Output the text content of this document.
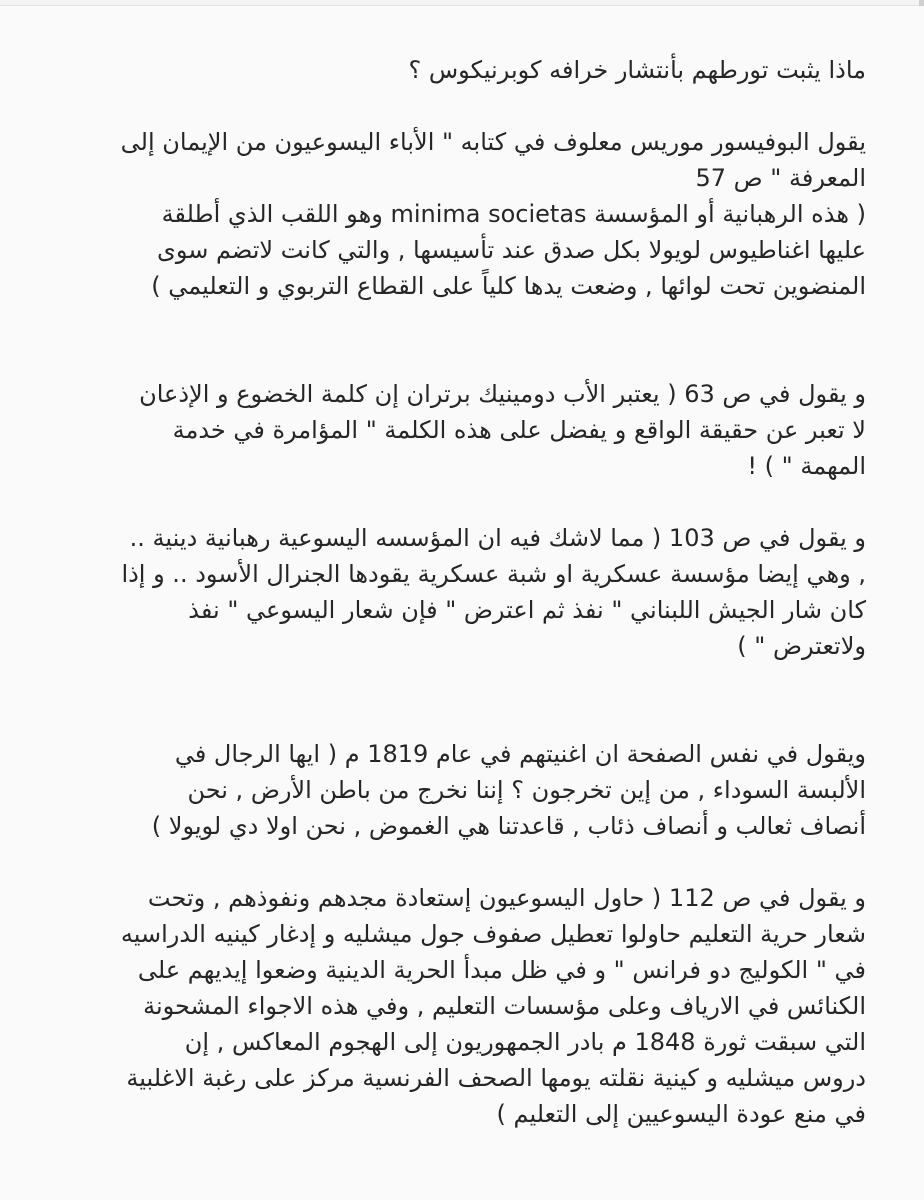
ماذا يثبت تورطهم بأنتشار خرافه كوبرنيكوس ؟

يقول البوفيسور موريس معلوف في كتابه " الأباء اليسوعيون من الإيمان إلى المعرفة " ص 57

( هذه الرهبانية أو المؤسسة minima societas وهو اللقب الذي أطلقة عليها اغناطيوس لويولا بكل صدق عند تأسيسها , والتي كانت لاتضم سوى المنضوين تحت لوائها , وضعت يدها كلياً على القطاع التربوي و التعليمي )

و يقول في ص 63 ( يعتبر الأب دومينيك برتران إن كلمة الخضوع و الإذعان لا تعبر عن حقيقة الواقع و يفضل على هذه الكلمة " المؤامرة في خدمة المهمة " ) !

و يقول في ص 103 ( مما لاشك فيه ان المؤسسه اليسوعية رهبانية دينية .. , وهي إيضا مؤسسة عسكرية او شبة عسكرية يقودها الجنرال الأسود .. و إذا كان شار الجيش اللبناني " نفذ ثم اعترض " فإن شعار اليسوعي " نفذ ولاتعترض " )

ويقول في نفس الصفحة ان اغنيتهم في عام 1819 م ( ايها الرجال في الألبسة السوداء , من إين تخرجون ؟ إننا نخرج من باطن الأرض , نحن أنصاف ثعالب و أنصاف ذئاب , قاعدتنا هي الغموض , نحن اولا دي لويولا )

و يقول في ص 112 ( حاول اليسوعيون إستعادة مجدهم ونفوذهم , وتحت شعار حرية التعليم حاولوا تعطيل صفوف جول ميشليه و إدغار كينيه الدراسيه في " الكوليج دو فرانس " و في ظل مبدأ الحرية الدينية وضعوا إيديهم على الكنائس في الارياف وعلى مؤسسات التعليم , وفي هذه الاجواء المشحونة التي سبقت ثورة 1848 م بادر الجمهوريون إلى الهجوم المعاكس , إن دروس ميشليه و كينية نقلته يومها الصحف الفرنسية مركز على رغبة الاغلبية في منع عودة اليسوعيين إلى التعليم )
